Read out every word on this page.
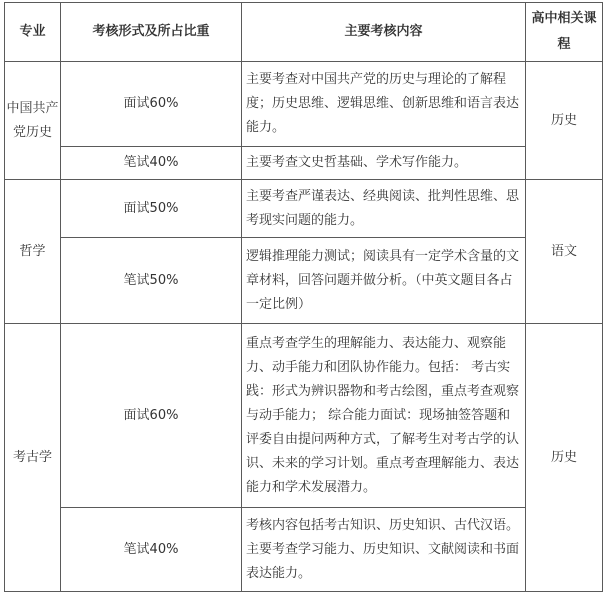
专业	考核形式及所占比重	主要考核内容	高中相关课程
中国共产党历史	面试60%	主要考查对中国共产党的历史与理论的了解程度；历史思维、逻辑思维、创新思维和语言表达能力。	历史
	笔试40%	主要考查文史哲基础、学术写作能力。	
哲学	面试50%	主要考查严谨表达、经典阅读、批判性思维、思考现实问题的能力。	语文
	笔试50%	逻辑推理能力测试；阅读具有一定学术含量的文章材料，回答问题并做分析。（中英文题目各占一定比例）	
考古学	面试60%	重点考查学生的理解能力、表达能力、观察能力、动手能力和团队协作能力。包括： 考古实践：形式为辨识器物和考古绘图，重点考查观察与动手能力； 综合能力面试：现场抽签答题和评委自由提问两种方式，了解考生对考古学的认识、未来的学习计划。重点考查理解能力、表达能力和学术发展潜力。	历史
	笔试40%	考核内容包括考古知识、历史知识、古代汉语。主要考查学习能力、历史知识、文献阅读和书面表达能力。	
